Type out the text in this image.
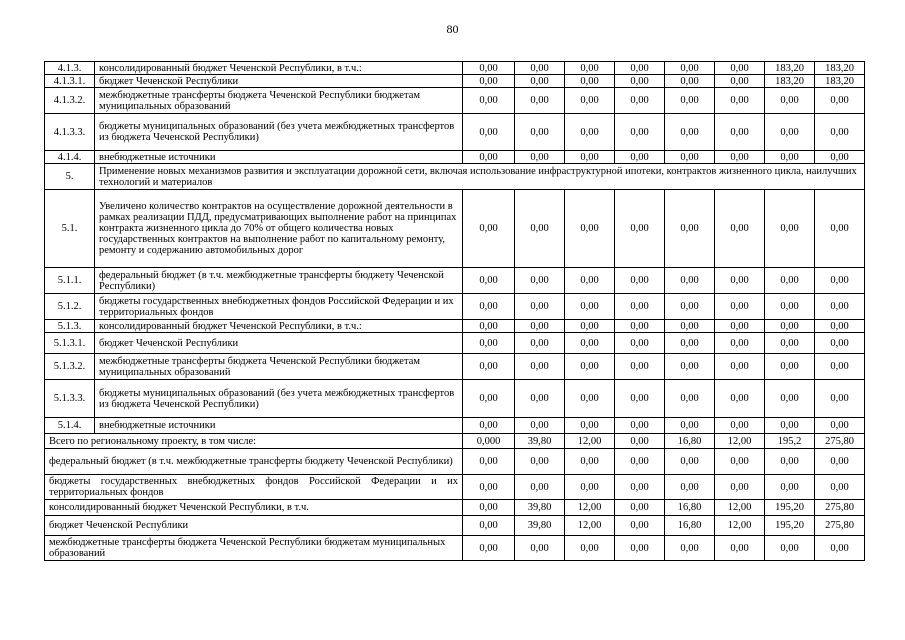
80
4.1.3.	консолидированный бюджет Чеченской Республики, в т.ч.:	0,00	0,00	0,00	0,00	0,00	0,00	183,20	183,20
4.1.3.1.	бюджет Чеченской Республики	0,00	0,00	0,00	0,00	0,00	0,00	183,20	183,20
4.1.3.2.	межбюджетные трансферты бюджета Чеченской Республики бюджетам муниципальных образований	0,00	0,00	0,00	0,00	0,00	0,00	0,00	0,00
4.1.3.3.	бюджеты муниципальных образований (без учета межбюджетных трансфертов из бюджета Чеченской Республики)	0,00	0,00	0,00	0,00	0,00	0,00	0,00	0,00
4.1.4.	внебюджетные источники	0,00	0,00	0,00	0,00	0,00	0,00	0,00	0,00
5.	Применение новых механизмов развития и эксплуатации дорожной сети, включая использование инфраструктурной ипотеки, контрактов жизненного цикла, наилучших технологий и материалов								
5.1.	Увеличено количество контрактов на осуществление дорожной деятельности в рамках реализации ПДД, предусматривающих выполнение работ на принципах контракта жизненного цикла до 70% от общего количества новых государственных контрактов на выполнение работ по капитальному ремонту, ремонту и содержанию автомобильных дорог	0,00	0,00	0,00	0,00	0,00	0,00	0,00	0,00
5.1.1.	федеральный бюджет (в т.ч. межбюджетные трансферты бюджету Чеченской Республики)	0,00	0,00	0,00	0,00	0,00	0,00	0,00	0,00
5.1.2.	бюджеты государственных внебюджетных фондов Российской Федерации и их территориальных фондов	0,00	0,00	0,00	0,00	0,00	0,00	0,00	0,00
5.1.3.	консолидированный бюджет Чеченской Республики, в т.ч.:	0,00	0,00	0,00	0,00	0,00	0,00	0,00	0,00
5.1.3.1.	бюджет Чеченской Республики	0,00	0,00	0,00	0,00	0,00	0,00	0,00	0,00
5.1.3.2.	межбюджетные трансферты бюджета Чеченской Республики бюджетам муниципальных образований	0,00	0,00	0,00	0,00	0,00	0,00	0,00	0,00
5.1.3.3.	бюджеты муниципальных образований (без учета межбюджетных трансфертов из бюджета Чеченской Республики)	0,00	0,00	0,00	0,00	0,00	0,00	0,00	0,00
5.1.4.	внебюджетные источники	0,00	0,00	0,00	0,00	0,00	0,00	0,00	0,00
Всего по региональному проекту, в том числе:		0,000	39,80	12,00	0,00	16,80	12,00	195,2	275,80
федеральный бюджет (в т.ч. межбюджетные трансферты бюджету Чеченской Республики)		0,00	0,00	0,00	0,00	0,00	0,00	0,00	0,00
бюджеты государственных внебюджетных фондов Российской Федерации и их территориальных фондов		0,00	0,00	0,00	0,00	0,00	0,00	0,00	0,00
консолидированный бюджет Чеченской Республики, в т.ч.		0,00	39,80	12,00	0,00	16,80	12,00	195,20	275,80
бюджет Чеченской Республики		0,00	39,80	12,00	0,00	16,80	12,00	195,20	275,80
межбюджетные трансферты бюджета Чеченской Республики бюджетам муниципальных образований		0,00	0,00	0,00	0,00	0,00	0,00	0,00	0,00
